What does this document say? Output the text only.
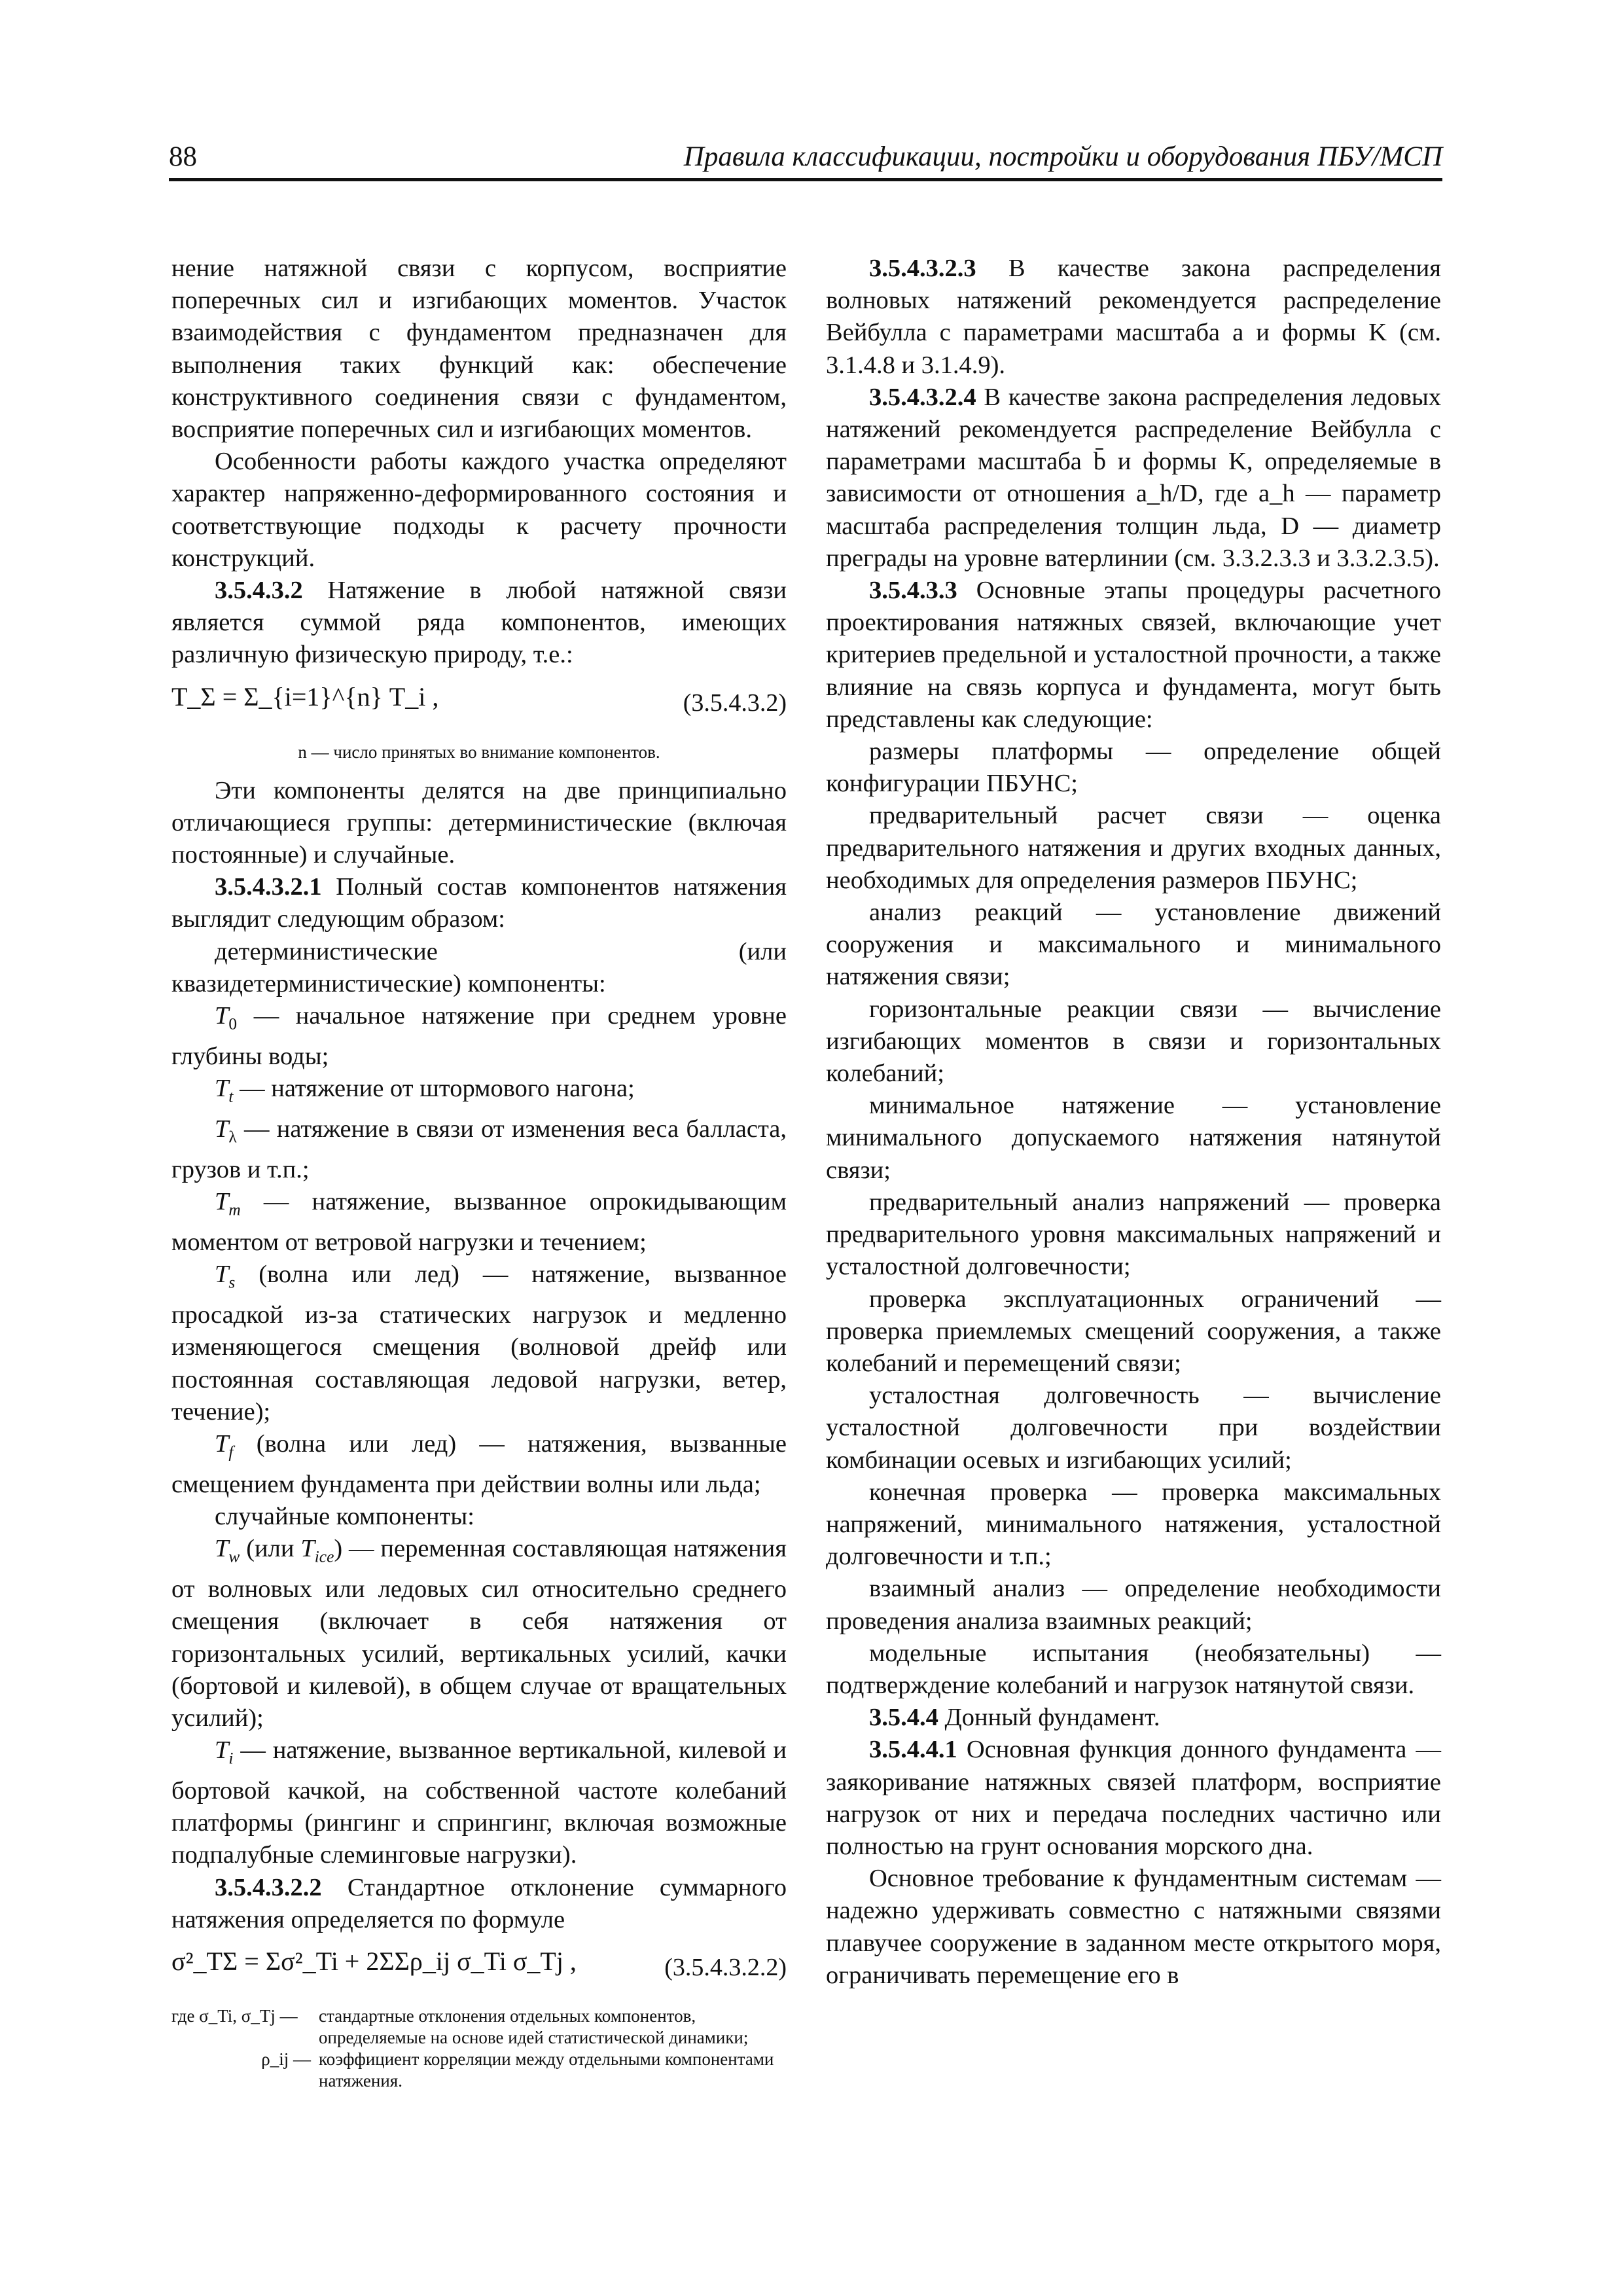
88	Правила классификации, постройки и оборудования ПБУ/МСП

нение натяжной связи с корпусом, восприятие поперечных сил и изгибающих моментов. Участок взаимодействия с фундаментом предназначен для выполнения таких функций как: обеспечение конструктивного соединения связи с фундаментом, восприятие поперечных сил и изгибающих моментов.

Особенности работы каждого участка определяют характер напряженно-деформированного состояния и соответствующие подходы к расчету прочности конструкций.

3.5.4.3.2 Натяжение в любой натяжной связи является суммой ряда компонентов, имеющих различную физическую природу, т.е.:

T_Σ = Σ_{i=1}^{n} T_i ,	(3.5.4.3.2)

n — число принятых во внимание компонентов.

Эти компоненты делятся на две принципиально отличающиеся группы: детерминистические (включая постоянные) и случайные.

3.5.4.3.2.1 Полный состав компонентов натяжения выглядит следующим образом:

детерминистические (или квазидетерминистические) компоненты:

$T_0$ — начальное натяжение при среднем уровне глубины воды;

$T_t$ — натяжение от штормового нагона;

$T_\lambda$ — натяжение в связи от изменения веса балласта, грузов и т.п.;

$T_m$ — натяжение, вызванное опрокидывающим моментом от ветровой нагрузки и течением;

$T_s$ (волна или лед) — натяжение, вызванное просадкой из-за статических нагрузок и медленно изменяющегося смещения (волновой дрейф или постоянная составляющая ледовой нагрузки, ветер, течение);

$T_f$ (волна или лед) — натяжения, вызванные смещением фундамента при действии волны или льда;

случайные компоненты:

$T_w$ (или $T_{ice}$) — переменная составляющая натяжения от волновых или ледовых сил относительно среднего смещения (включает в себя натяжения от горизонтальных усилий, вертикальных усилий, качки (бортовой и килевой), в общем случае от вращательных усилий);

$T_i$ — натяжение, вызванное вертикальной, килевой и бортовой качкой, на собственной частоте колебаний платформы (рингинг и спрингинг, включая возможные подпалубные слеминговые нагрузки).

3.5.4.3.2.2 Стандартное отклонение суммарного натяжения определяется по формуле

σ²_TΣ = Σσ²_Ti + 2ΣΣρ_ij σ_Ti σ_Tj ,	(3.5.4.3.2.2)
где σ_Ti, σ_Tj —	стандартные отклонения отдельных компонентов, определяемые на основе идей статистической динамики;
ρ_ij — коэффициент корреляции между отдельными компонентами натяжения.

3.5.4.3.2.3 В качестве закона распределения волновых натяжений рекомендуется распределение Вейбулла с параметрами масштаба a и формы K (см. 3.1.4.8 и 3.1.4.9).

3.5.4.3.2.4 В качестве закона распределения ледовых натяжений рекомендуется распределение Вейбулла с параметрами масштаба b̄ и формы K, определяемые в зависимости от отношения a_h/D, где a_h — параметр масштаба распределения толщин льда, D — диаметр преграды на уровне ватерлинии (см. 3.3.2.3.3 и 3.3.2.3.5).

3.5.4.3.3 Основные этапы процедуры расчетного проектирования натяжных связей, включающие учет критериев предельной и усталостной прочности, а также влияние на связь корпуса и фундамента, могут быть представлены как следующие:

размеры платформы — определение общей конфигурации ПБУНС;

предварительный расчет связи — оценка предварительного натяжения и других входных данных, необходимых для определения размеров ПБУНС;

анализ реакций — установление движений сооружения и максимального и минимального натяжения связи;

горизонтальные реакции связи — вычисление изгибающих моментов в связи и горизонтальных колебаний;

минимальное натяжение — установление минимального допускаемого натяжения натянутой связи;

предварительный анализ напряжений — проверка предварительного уровня максимальных напряжений и усталостной долговечности;

проверка эксплуатационных ограничений — проверка приемлемых смещений сооружения, а также колебаний и перемещений связи;

усталостная долговечность — вычисление усталостной долговечности при воздействии комбинации осевых и изгибающих усилий;

конечная проверка — проверка максимальных напряжений, минимального натяжения, усталостной долговечности и т.п.;

взаимный анализ — определение необходимости проведения анализа взаимных реакций;

модельные испытания (необязательны) — подтверждение колебаний и нагрузок натянутой связи.

3.5.4.4 Донный фундамент.

3.5.4.4.1 Основная функция донного фундамента — заякоривание натяжных связей платформ, восприятие нагрузок от них и передача последних частично или полностью на грунт основания морского дна.

Основное требование к фундаментным системам — надежно удерживать совместно с натяжными связями плавучее сооружение в заданном месте открытого моря, ограничивать перемещение его в
